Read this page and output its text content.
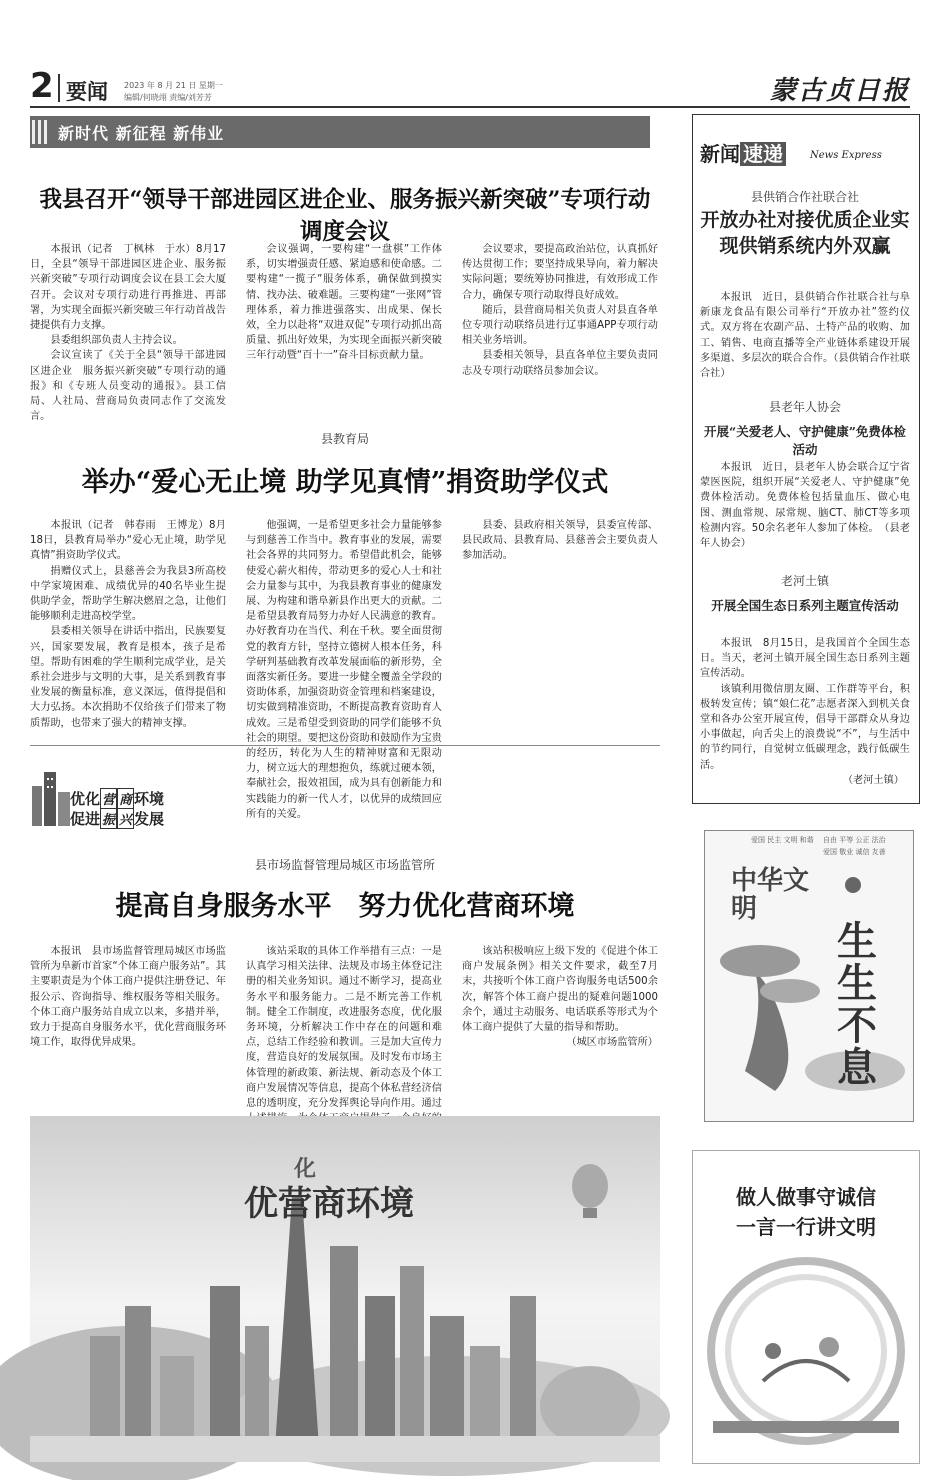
2 要闻 2023 年 8 月 21 日 星期一
编辑/何晓翊 责编/刘芳芳	蒙古贞日报
新时代 新征程 新伟业
我县召开“领导干部进园区进企业、服务振兴新突破”专项行动调度会议

本报讯（记者　丁枫林　于水）8月17日，全县“领导干部进园区进企业、服务振兴新突破”专项行动调度会议在县工会大厦召开。会议对专项行动进行再推进、再部署，为实现全面振兴新突破三年行动首战告捷提供有力支撑。

县委组织部负责人主持会议。

会议宣读了《关于全县“领导干部进园区进企业　服务振兴新突破”专项行动的通报》和《专班人员变动的通报》。县工信局、人社局、营商局负责同志作了交流发言。

会议强调，一要构建“一盘棋”工作体系，切实增强责任感、紧迫感和使命感。二要构建“一揽子”服务体系，确保做到摸实情、找办法、破难题。三要构建“一张网”管理体系，着力推进强落实、出成果、保长效，全力以赴将“双进双促”专项行动抓出高质量、抓出好效果，为实现全面振兴新突破三年行动暨“百十一”奋斗目标贡献力量。

会议要求，要提高政治站位，认真抓好传达贯彻工作；要坚持成果导向，着力解决实际问题；要统筹协同推进，有效形成工作合力，确保专项行动取得良好成效。

随后，县营商局相关负责人对县直各单位专项行动联络员进行辽事通APP专项行动相关业务培训。

县委相关领导，县直各单位主要负责同志及专项行动联络员参加会议。

县教育局
举办“爱心无止境 助学见真情”捐资助学仪式

本报讯（记者　韩春雨　王博龙）8月18日，县教育局举办“爱心无止境，助学见真情”捐资助学仪式。

捐赠仪式上，县慈善会为我县3所高校中学家境困难、成绩优异的40名毕业生提供助学金，帮助学生解决燃眉之急，让他们能够顺利走进高校学堂。

县委相关领导在讲话中指出，民族要复兴，国家要发展，教育是根本，孩子是希望。帮助有困难的学生顺利完成学业，是关系社会进步与文明的大事，是关系到教育事业发展的衡量标准，意义深远，值得提倡和大力弘扬。本次捐助不仅给孩子们带来了物质帮助，也带来了强大的精神支撑。

他强调，一是希望更多社会力量能够参与到慈善工作当中。教育事业的发展，需要社会各界的共同努力。希望借此机会，能够使爱心薪火相传，带动更多的爱心人士和社会力量参与其中，为我县教育事业的健康发展、为构建和谐阜新县作出更大的贡献。二是希望县教育局努力办好人民满意的教育。办好教育功在当代、利在千秋。要全面贯彻党的教育方针，坚持立德树人根本任务，科学研判基础教育改革发展面临的新形势，全面落实新任务。要进一步健全覆盖全学段的资助体系，加强资助资金管理和档案建设，切实做到精准资助，不断提高教育资助育人成效。三是希望受到资助的同学们能够不负社会的期望。要把这份资助和鼓励作为宝贵的经历，转化为人生的精神财富和无限动力，树立远大的理想抱负，练就过硬本领，奉献社会，报效祖国，成为具有创新能力和实践能力的新一代人才，以优异的成绩回应所有的关爱。

县委、县政府相关领导，县委宣传部、县民政局、县教育局、县慈善会主要负责人参加活动。

优化 营 商 环境
促进 振 兴 发展
县市场监督管理局城区市场监管所
提高自身服务水平　努力优化营商环境

本报讯　县市场监督管理局城区市场监管所为阜新市首家“个体工商户服务站”。其主要职责是为个体工商户提供注册登记、年报公示、咨询指导、维权服务等相关服务。个体工商户服务站自成立以来，多措并举，致力于提高自身服务水平，优化营商服务环境工作，取得优异成果。

该站采取的具体工作举措有三点：一是认真学习相关法律、法规及市场主体登记注册的相关业务知识。通过不断学习，提高业务水平和服务能力。二是不断完善工作机制。健全工作制度，改进服务态度，优化服务环境，分析解决工作中存在的问题和难点，总结工作经验和教训。三是加大宣传力度，营造良好的发展氛围。及时发布市场主体管理的新政策、新法规、新动态及个体工商户发展情况等信息，提高个体私营经济信息的透明度，充分发挥舆论导向作用。通过

该站积极响应上级下发的《促进个体工商户发展条例》相关文件要求，截至7月末，共接听个体工商户咨询服务电话500余次，解答个体工商户提出的疑难问题1000余个，通过主动服务、电话联系等形式为个体工商户提供了大量的指导和帮助。

（城区市场监管所）
化
优营商环境
新闻 速递	News Express
县供销合作社联合社
开放办社对接优质企业实现供销系统内外双赢

本报讯　近日，县供销合作社联合社与阜新康龙食品有限公司举行“开放办社”签约仪式。双方将在农副产品、土特产品的收购、加工、销售、电商直播等全产业链体系建设开展多渠道、多层次的联合合作。（县供销合作社联合社）

县老年人协会
开展“关爱老人、守护健康”免费体检活动

本报讯　近日，县老年人协会联合辽宁省蒙医医院，组织开展“关爱老人、守护健康”免费体检活动。免费体检包括量血压、做心电图、测血常规、尿常规、脑CT、肺CT等多项检测内容。50余名老年人参加了体检。　（县老年人协会）

老河土镇
开展全国生态日系列主题宣传活动

本报讯　8月15日，是我国首个全国生态日。当天，老河土镇开展全国生态日系列主题宣传活动。

该镇利用微信朋友圈、工作群等平台，积极转发宣传；镇“娘仁花”志愿者深入到机关食堂和各办公室开展宣传，倡导干部群众从身边小事做起，向舌尖上的浪费说“不”，与生活中的节约同行，自觉树立低碳理念，践行低碳生活。

（老河土镇）
爱国 民主 文明 和谐 自由 平等 公正 法治
爱国 敬业 诚信 友善
中华文明
生生不息
做人做事守诚信
一言一行讲文明
